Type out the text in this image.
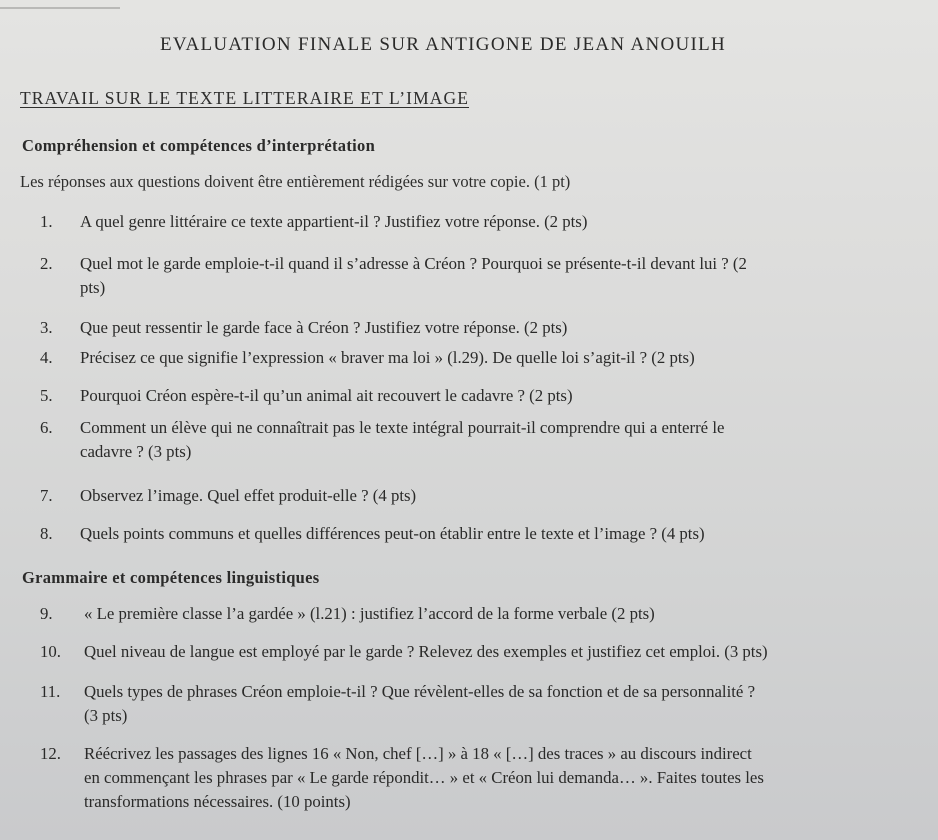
EVALUATION FINALE SUR ANTIGONE DE JEAN ANOUILH
TRAVAIL SUR LE TEXTE LITTERAIRE ET L’IMAGE
Compréhension et compétences d’interprétation
Les réponses aux questions doivent être entièrement rédigées sur votre copie. (1 pt)
1. A quel genre littéraire ce texte appartient-il ? Justifiez votre réponse. (2 pts)
2. Quel mot le garde emploie-t-il quand il s’adresse à Créon ? Pourquoi se présente-t-il devant lui ? (2
pts)
3. Que peut ressentir le garde face à Créon ? Justifiez votre réponse. (2 pts)
4. Précisez ce que signifie l’expression « braver ma loi » (l.29). De quelle loi s’agit-il ? (2 pts)
5. Pourquoi Créon espère-t-il qu’un animal ait recouvert le cadavre ? (2 pts)
6. Comment un élève qui ne connaîtrait pas le texte intégral pourrait-il comprendre qui a enterré le
cadavre ? (3 pts)
7. Observez l’image. Quel effet produit-elle ? (4 pts)
8. Quels points communs et quelles différences peut-on établir entre le texte et l’image ? (4 pts)
Grammaire et compétences linguistiques
9. « Le première classe l’a gardée » (l.21) : justifiez l’accord de la forme verbale (2 pts)
10. Quel niveau de langue est employé par le garde ? Relevez des exemples et justifiez cet emploi. (3 pts)
11. Quels types de phrases Créon emploie-t-il ? Que révèlent-elles de sa fonction et de sa personnalité ?
(3 pts)
12. Réécrivez les passages des lignes 16 « Non, chef […] » à 18 « […] des traces » au discours indirect
en commençant les phrases par « Le garde répondit… » et « Créon lui demanda… ». Faites toutes les
transformations nécessaires. (10 points)
